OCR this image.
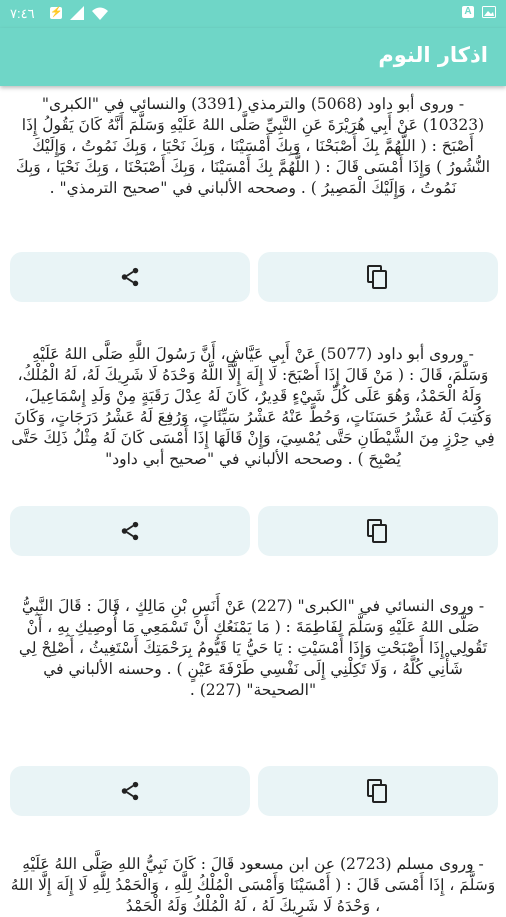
٧:٤٦ ⚡	A
اذكار النوم
- وروى أبو داود (5068) والترمذي (3391) والنسائي في "الكبرى" (10323) عَنْ أَبِي هُرَيْرَةَ عَنِ النَّبِيِّ صَلَّى اللهُ عَلَيْهِ وَسَلَّمَ أَنَّهُ كَانَ يَقُولُ إِذَا أَصْبَحَ : ( اللَّهُمَّ بِكَ أَصْبَحْنَا ، وَبِكَ أَمْسَيْنَا ، وَبِكَ نَحْيَا ، وَبِكَ نَمُوتُ ، وَإِلَيْكَ النُّشُورُ ) وَإِذَا أَمْسَى قَالَ : ( اللَّهُمَّ بِكَ أَمْسَيْنَا ، وَبِكَ أَصْبَحْنَا ، وَبِكَ نَحْيَا ، وَبِكَ نَمُوتُ ، وَإِلَيْكَ الْمَصِيرُ ) . وصححه الألباني في "صحيح الترمذي" .
- وروى أبو داود (5077) عَنْ أَبِي عَيَّاشٍ، أَنَّ رَسُولَ اللَّهِ صَلَّى اللهُ عَلَيْهِ وَسَلَّمَ، قَالَ : ( مَنْ قَالَ إِذَا أَصْبَحَ: لَا إِلَهَ إِلَّا اللَّهُ وَحْدَهُ لَا شَرِيكَ لَهُ، لَهُ الْمُلْكُ، وَلَهُ الْحَمْدُ، وَهُوَ عَلَى كُلِّ شَيْءٍ قَدِيرٌ، كَانَ لَهُ عِدْلَ رَقَبَةٍ مِنْ وَلَدِ إِسْمَاعِيلَ، وَكُتِبَ لَهُ عَشْرُ حَسَنَاتٍ، وَحُطَّ عَنْهُ عَشْرُ سَيِّئَاتٍ، وَرُفِعَ لَهُ عَشْرُ دَرَجَاتٍ، وَكَانَ فِي حِرْزٍ مِنَ الشَّيْطَانِ حَتَّى يُمْسِيَ، وَإِنْ قَالَهَا إِذَا أَمْسَى كَانَ لَهُ مِثْلُ ذَلِكَ حَتَّى يُصْبِحَ ) . وصححه الألباني في "صحيح أبي داود"
- وروى النسائي في "الكبرى" (227) عَنْ أَنَسِ بْنِ مَالِكٍ ، قَالَ : قَالَ النَّبِيُّ صَلَّى اللهُ عَلَيْهِ وَسَلَّمَ لِفَاطِمَةَ : ( مَا يَمْنَعُكِ أَنْ تَسْمَعِي مَا أُوصِيكِ بِهِ ، أَنْ تَقُولِي إِذَا أَصْبَحْتِ وَإِذَا أَمْسَيْتِ : يَا حَيُّ يَا قَيُّومُ بِرَحْمَتِكَ أَسْتَغِيثُ ، أَصْلِحْ لِي شَأْنِي كُلَّهُ ، وَلَا تَكِلْنِي إِلَى نَفْسِي طَرْفَةَ عَيْنٍ ) . وحسنه الألباني في "الصحيحة" (227) .
- وروى مسلم (2723) عن ابن مسعود قَالَ : كَانَ نَبِيُّ اللهِ صَلَّى اللهُ عَلَيْهِ وَسَلَّمَ ، إِذَا أَمْسَى قَالَ : ( أَمْسَيْنَا وَأَمْسَى الْمُلْكُ لِلَّهِ ، وَالْحَمْدُ لِلَّهِ لَا إِلَهَ إِلَّا اللهُ ، وَحْدَهُ لَا شَرِيكَ لَهُ ، لَهُ الْمُلْكُ وَلَهُ الْحَمْدُ
